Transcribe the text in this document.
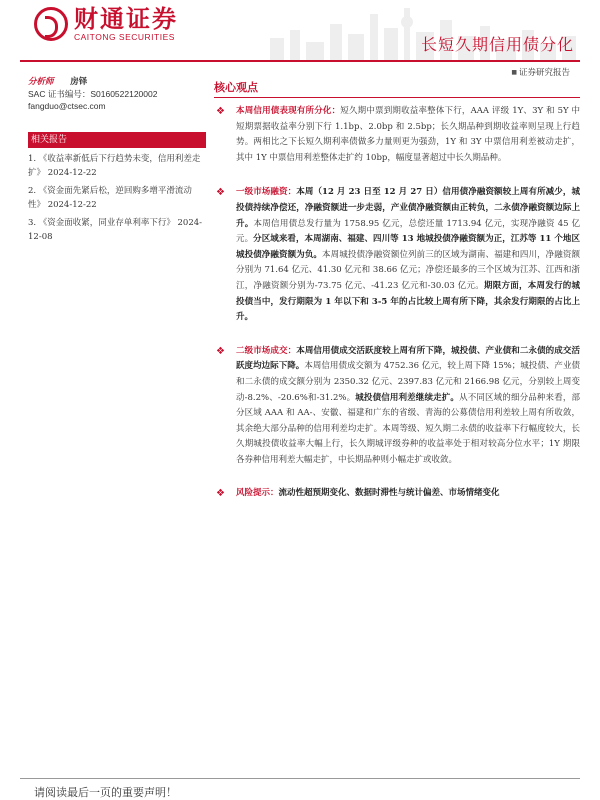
财通证券
CAITONG SECURITIES	长短久期信用债分化
■ 证券研究报告
分析师 房铎
SAC 证书编号：S0160522120002
fangduo@ctsec.com
相关报告
1. 《收益率新低后下行趋势未变，信用利差走扩》 2024-12-22
2. 《资金面先紧后松，逆回购多增平滑流动性》 2024-12-22
3. 《资金面收紧，同业存单利率下行》 2024-12-08
核心观点
❖ 本周信用债表现有所分化：短久期中票到期收益率整体下行，AAA 评级 1Y、3Y 和 5Y 中短期票据收益率分别下行 1.1bp、2.0bp 和 2.5bp；长久期品种到期收益率则呈现上行趋势。两相比之下长短久期利率债做多力量则更为强劲，1Y 和 3Y 中票信用利差被动走扩，其中 1Y 中票信用利差整体走扩约 10bp，幅度显著超过中长久期品种。
❖ 一级市场融资：本周（12 月 23 日至 12 月 27 日）信用债净融资额较上周有所减少，城投债持续净偿还，净融资额进一步走弱，产业债净融资额由正转负，二永债净融资额边际上升。本周信用债总发行量为 1758.95 亿元，总偿还量 1713.94 亿元，实现净融资 45 亿元。分区域来看，本周湖南、福建、四川等 13 地城投债净融资额为正，江苏等 11 个地区城投债净融资额为负。本周城投债净融资额位列前三的区域为湖南、福建和四川，净融资额分别为 71.64 亿元、41.30 亿元和 38.66 亿元；净偿还最多的三个区域为江苏、江西和浙江，净融资额分别为-73.75 亿元、-41.23 亿元和-30.03 亿元。期限方面，本周发行的城投债当中，发行期限为 1 年以下和 3-5 年的占比较上周有所下降，其余发行期限的占比上升。
❖ 二级市场成交：本周信用债成交活跃度较上周有所下降，城投债、产业债和二永债的成交活跃度均边际下降。本周信用债成交额为 4752.36 亿元，较上周下降 15%；城投债、产业债和二永债的成交额分别为 2350.32 亿元、2397.83 亿元和 2166.98 亿元，分别较上周变动-8.2%、-20.6%和-31.2%。城投债信用利差继续走扩。从不同区域的细分品种来看，部分区域 AAA 和 AA-、安徽、福建和广东的省级、青海的公募债信用利差较上周有所收敛，其余绝大部分品种的信用利差均走扩。本周等级、短久期二永债的收益率下行幅度较大，长久期城投债收益率大幅上行，长久期城评级券种的收益率处于相对较高分位水平；1Y 期限各券种信用利差大幅走扩，中长期品种则小幅走扩或收敛。
❖ 风险提示：流动性超预期变化、数据时滞性与统计偏差、市场情绪变化
请阅读最后一页的重要声明！
